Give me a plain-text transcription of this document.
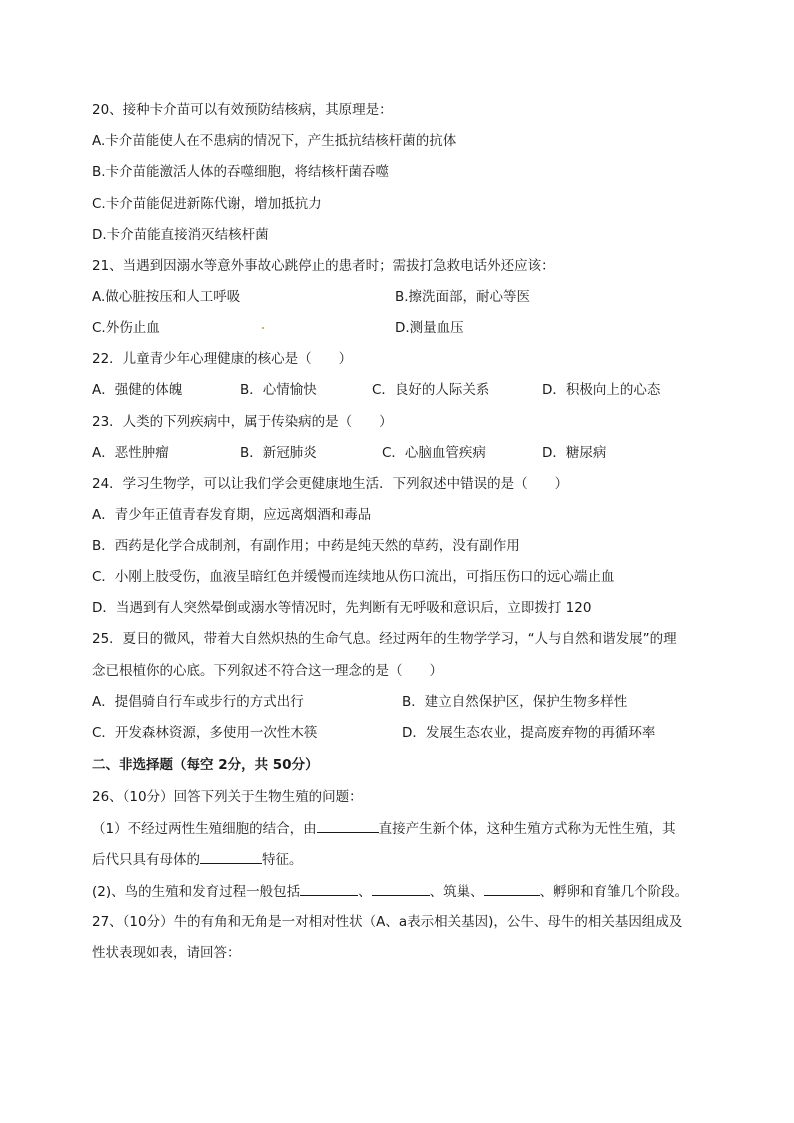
20、接种卡介苗可以有效预防结核病，其原理是：
A.卡介苗能使人在不患病的情况下，产生抵抗结核杆菌的抗体
B.卡介苗能激活人体的吞噬细胞，将结核杆菌吞噬
C.卡介苗能促进新陈代谢，增加抵抗力
D.卡介苗能直接消灭结核杆菌
21、当遇到因溺水等意外事故心跳停止的患者时；需拔打急救电话外还应该：
A.做心脏按压和人工呼吸	B.擦洗面部，耐心等医
C.外伤止血	D.测量血压
22．儿童青少年心理健康的核心是（　　）
A．强健的体魄	B．心情愉快	C．良好的人际关系	D．积极向上的心态
23．人类的下列疾病中，属于传染病的是（　　）
A．恶性肿瘤	B．新冠肺炎	C．心脑血管疾病	D．糖尿病
24．学习生物学，可以让我们学会更健康地生活．下列叙述中错误的是（　　）
A．青少年正值青春发育期，应远离烟酒和毒品
B．西药是化学合成制剂，有副作用；中药是纯天然的草药，没有副作用
C．小刚上肢受伤，血液呈暗红色并缓慢而连续地从伤口流出，可指压伤口的远心端止血
D．当遇到有人突然晕倒或溺水等情况时，先判断有无呼吸和意识后，立即拨打 120
25．夏日的微风，带着大自然炽热的生命气息。经过两年的生物学学习，“人与自然和谐发展”的理
念已根植你的心底。下列叙述不符合这一理念的是（　　）
A．提倡骑自行车或步行的方式出行	B．建立自然保护区，保护生物多样性
C．开发森林资源，多使用一次性木筷	D．发展生态农业，提高废弃物的再循环率
二、非选择题（每空 2分，共 50分）
26、（10分）回答下列关于生物生殖的问题：
（1）不经过两性生殖细胞的结合，由	直接产生新个体，这种生殖方式称为无性生殖，其
后代只具有母体的	特征。
(2)、鸟的生殖和发育过程一般包括	、	、筑巢、	、孵卵和育雏几个阶段。
27、（10分）牛的有角和无角是一对相对性状（A、a表示相关基因)，公牛、母牛的相关基因组成及
性状表现如表，请回答：
